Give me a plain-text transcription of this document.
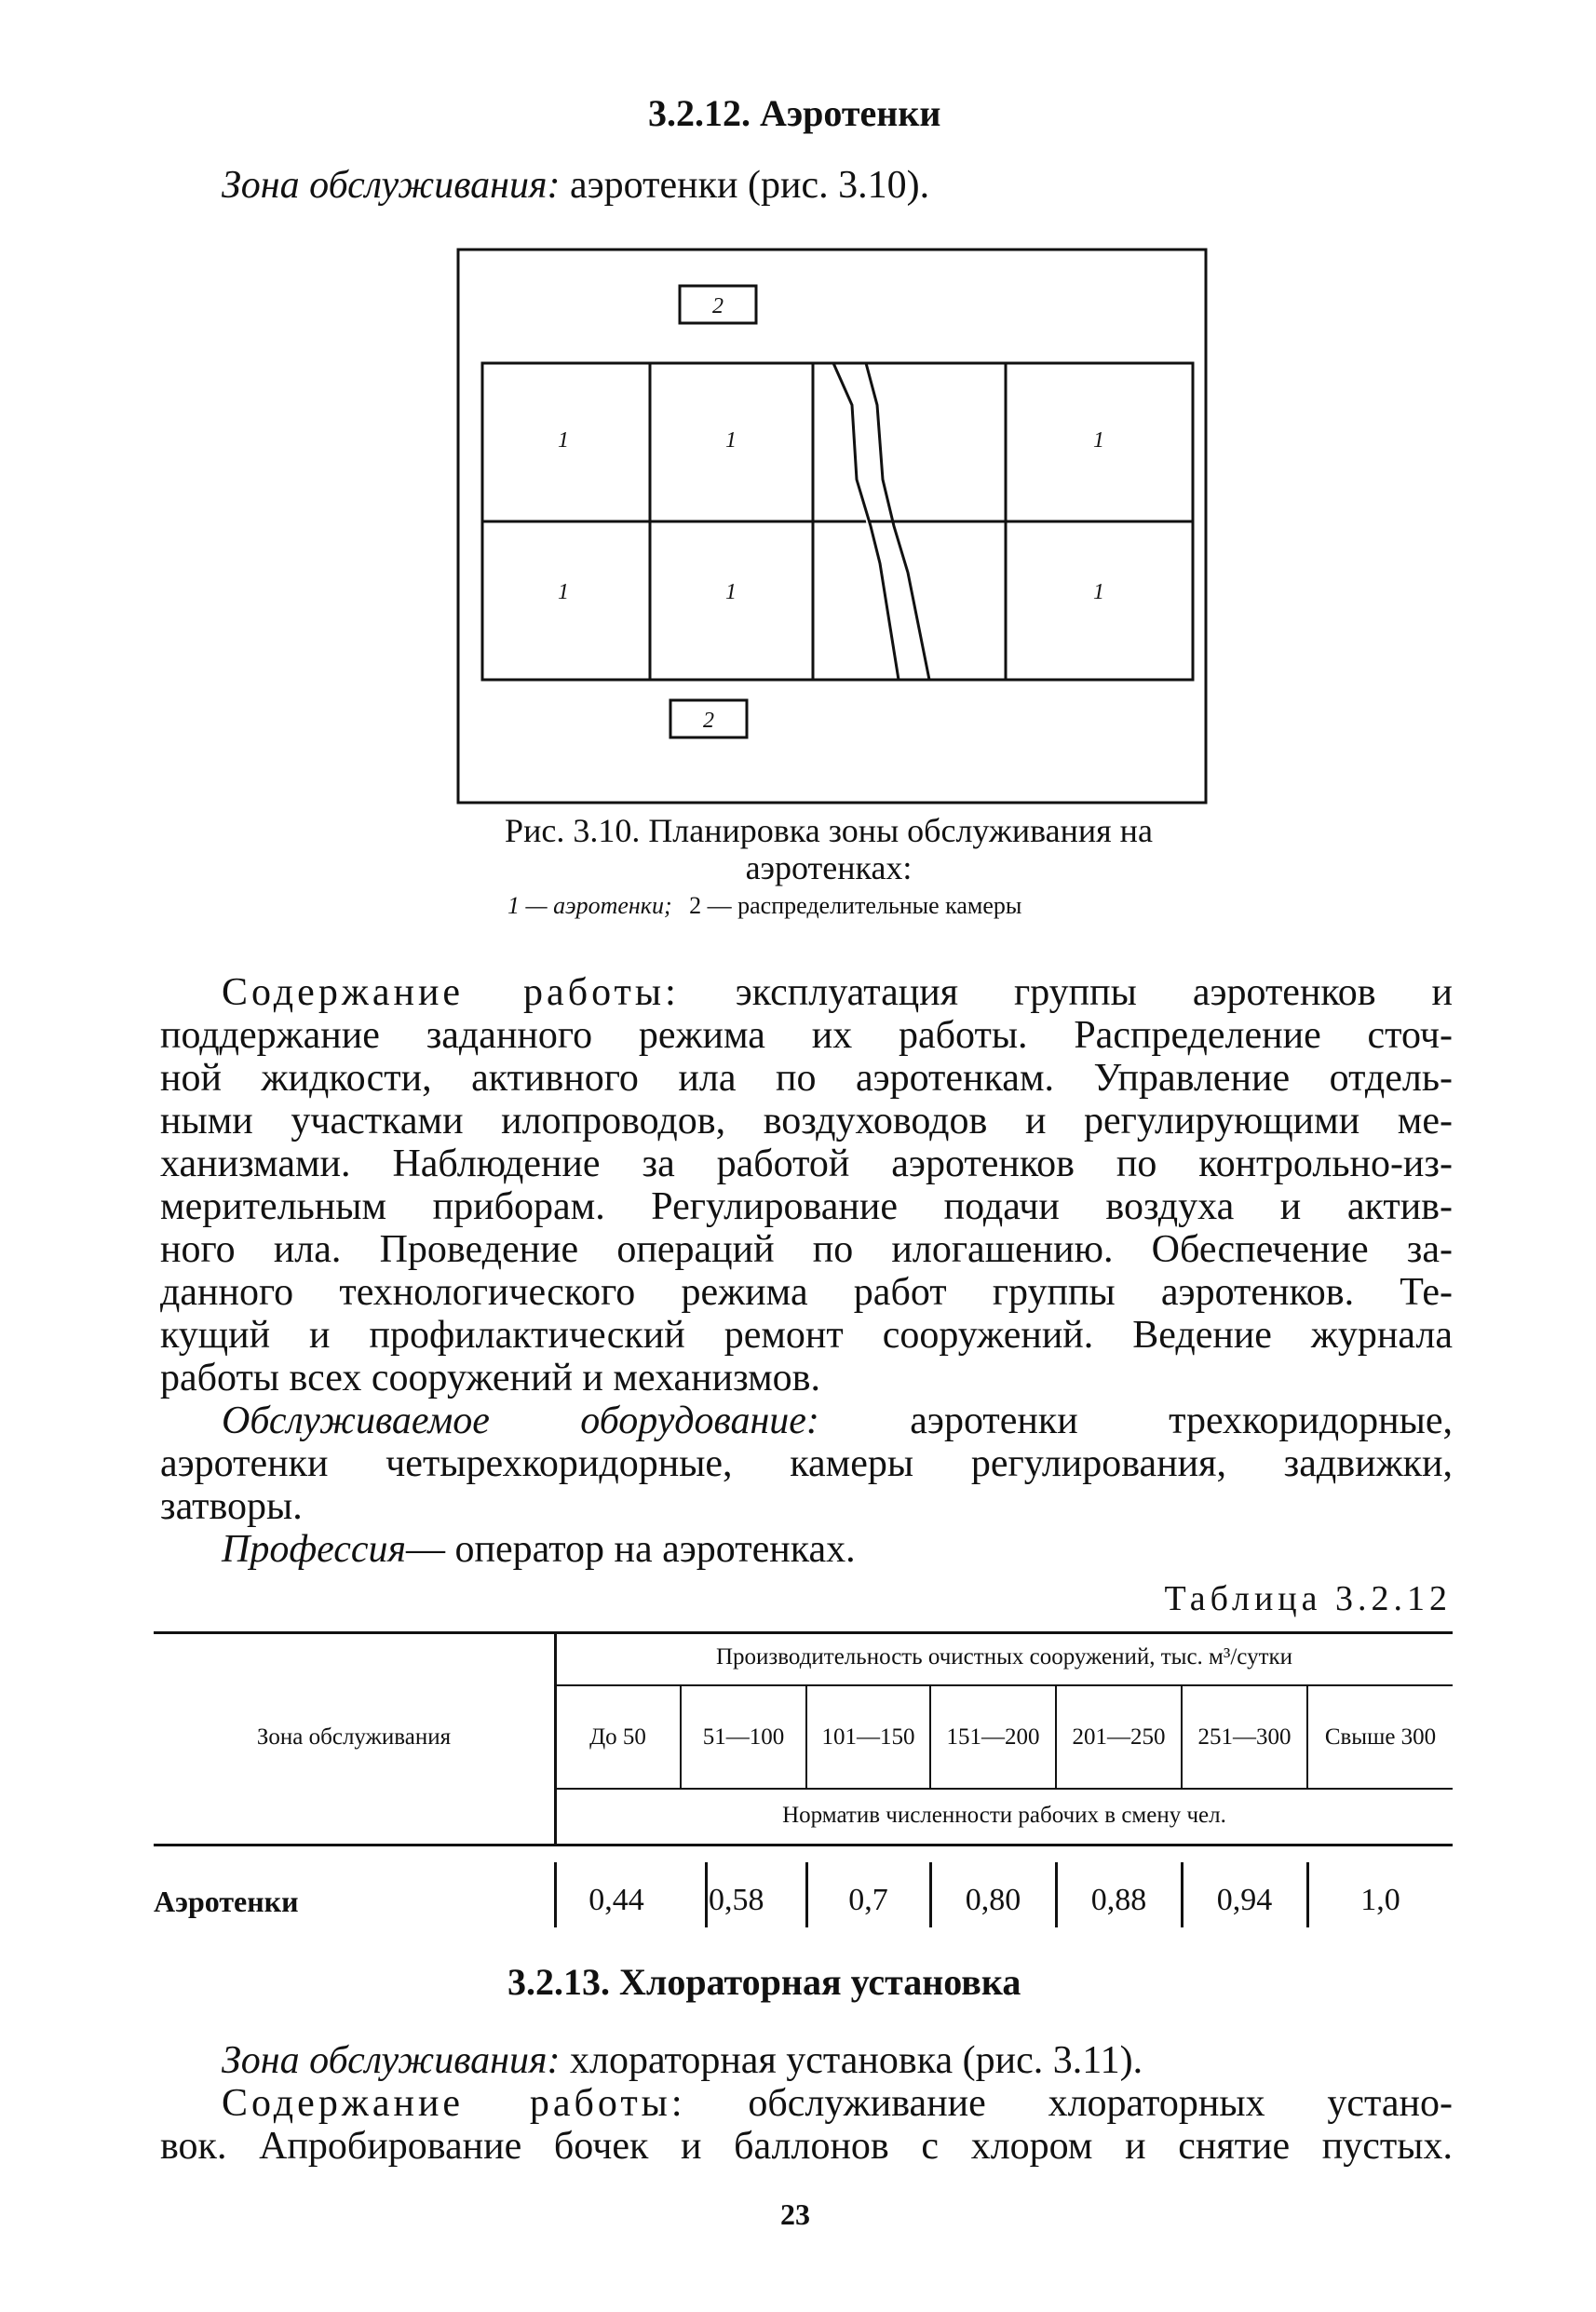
3.2.12. Аэротенки
Зона обслуживания: аэротенки (рис. 3.10).
2
1	1	1
1	1	1
2
Рис. 3.10. Планировка зоны обслуживания на
аэротенках:
1 — аэротенки; 2 — распределительные камеры
Содержание работы: эксплуатация группы аэротенков и
поддержание заданного режима их работы. Распределение сточ-
ной жидкости, активного ила по аэротенкам. Управление отдель-
ными участками илопроводов, воздуховодов и регулирующими ме-
ханизмами. Наблюдение за работой аэротенков по контрольно-из-
мерительным приборам. Регулирование подачи воздуха и актив-
ного ила. Проведение операций по илогашению. Обеспечение за-
данного технологического режима работ группы аэротенков. Те-
кущий и профилактический ремонт сооружений. Ведение журнала
работы всех сооружений и механизмов.
Обслуживаемое оборудование: аэротенки трехкоридорные,
аэротенки четырехкоридорные, камеры регулирования, задвижки,
затворы.
Профессия— оператор на аэротенках.
Таблица 3.2.12
Зона обслуживания
Производительность очистных сооружений, тыс. м³/сутки
До 50	51—100	101—150	151—200	201—250	251—300	Свыше 300
Норматив численности рабочих в смену чел.
Аэротенки	0,44	0,58	0,7	0,80	0,88	0,94	1,0
3.2.13. Хлораторная установка
Зона обслуживания: хлораторная установка (рис. 3.11).
Содержание работы: обслуживание хлораторных устано-
вок. Апробирование бочек и баллонов с хлором и снятие пустых.
23
